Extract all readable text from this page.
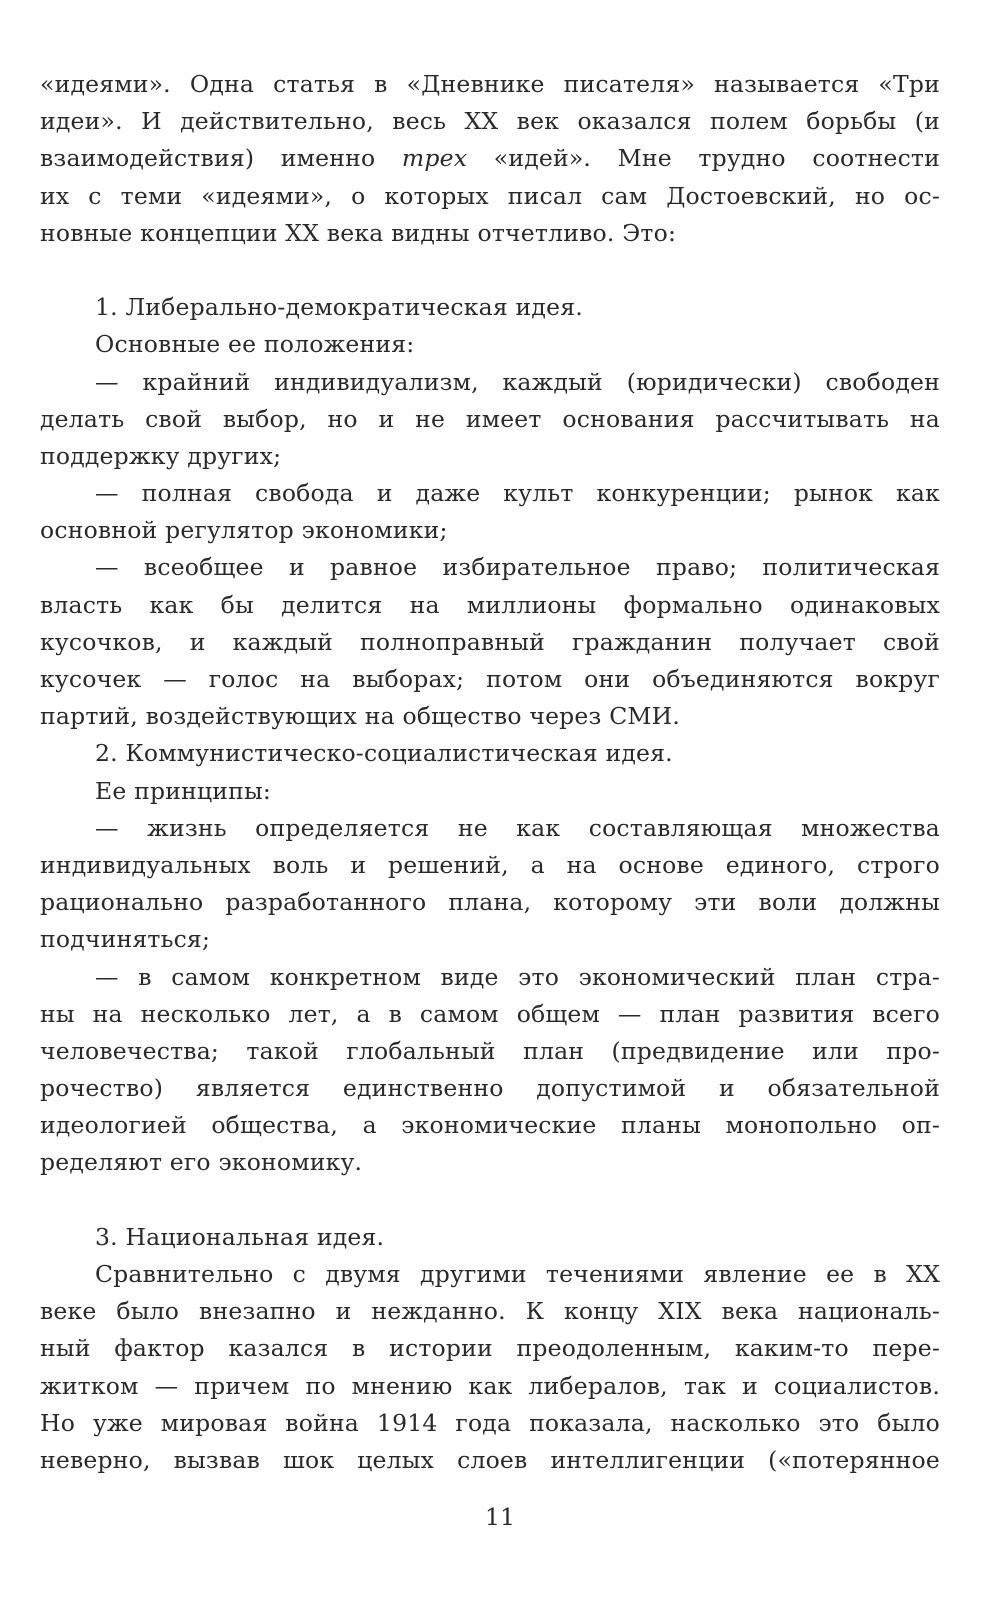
«идеями». Одна статья в «Дневнике писателя» называется «Три
идеи». И действительно, весь XX век оказался полем борьбы (и
взаимодействия) именно трех «идей». Мне трудно соотнести
их с теми «идеями», о которых писал сам Достоевский, но ос-
новные концепции XX века видны отчетливо. Это:
1. Либерально-демократическая идея.
Основные ее положения:
— крайний индивидуализм, каждый (юридически) свободен
делать свой выбор, но и не имеет основания рассчитывать на
поддержку других;
— полная свобода и даже культ конкуренции; рынок как
основной регулятор экономики;
— всеобщее и равное избирательное право; политическая
власть как бы делится на миллионы формально одинаковых
кусочков, и каждый полноправный гражданин получает свой
кусочек — голос на выборах; потом они объединяются вокруг
партий, воздействующих на общество через СМИ.
2. Коммунистическо-социалистическая идея.
Ее принципы:
— жизнь определяется не как составляющая множества
индивидуальных воль и решений, а на основе единого, строго
рационально разработанного плана, которому эти воли должны
подчиняться;
— в самом конкретном виде это экономический план стра-
ны на несколько лет, а в самом общем — план развития всего
человечества; такой глобальный план (предвидение или про-
рочество) является единственно допустимой и обязательной
идеологией общества, а экономические планы монопольно оп-
ределяют его экономику.
3. Национальная идея.
Сравнительно с двумя другими течениями явление ее в XX
веке было внезапно и нежданно. К концу XIX века националь-
ный фактор казался в истории преодоленным, каким-то пере-
житком — причем по мнению как либералов, так и социалистов.
Но уже мировая война 1914 года показала, насколько это было
неверно, вызвав шок целых слоев интеллигенции («потерянное
11
